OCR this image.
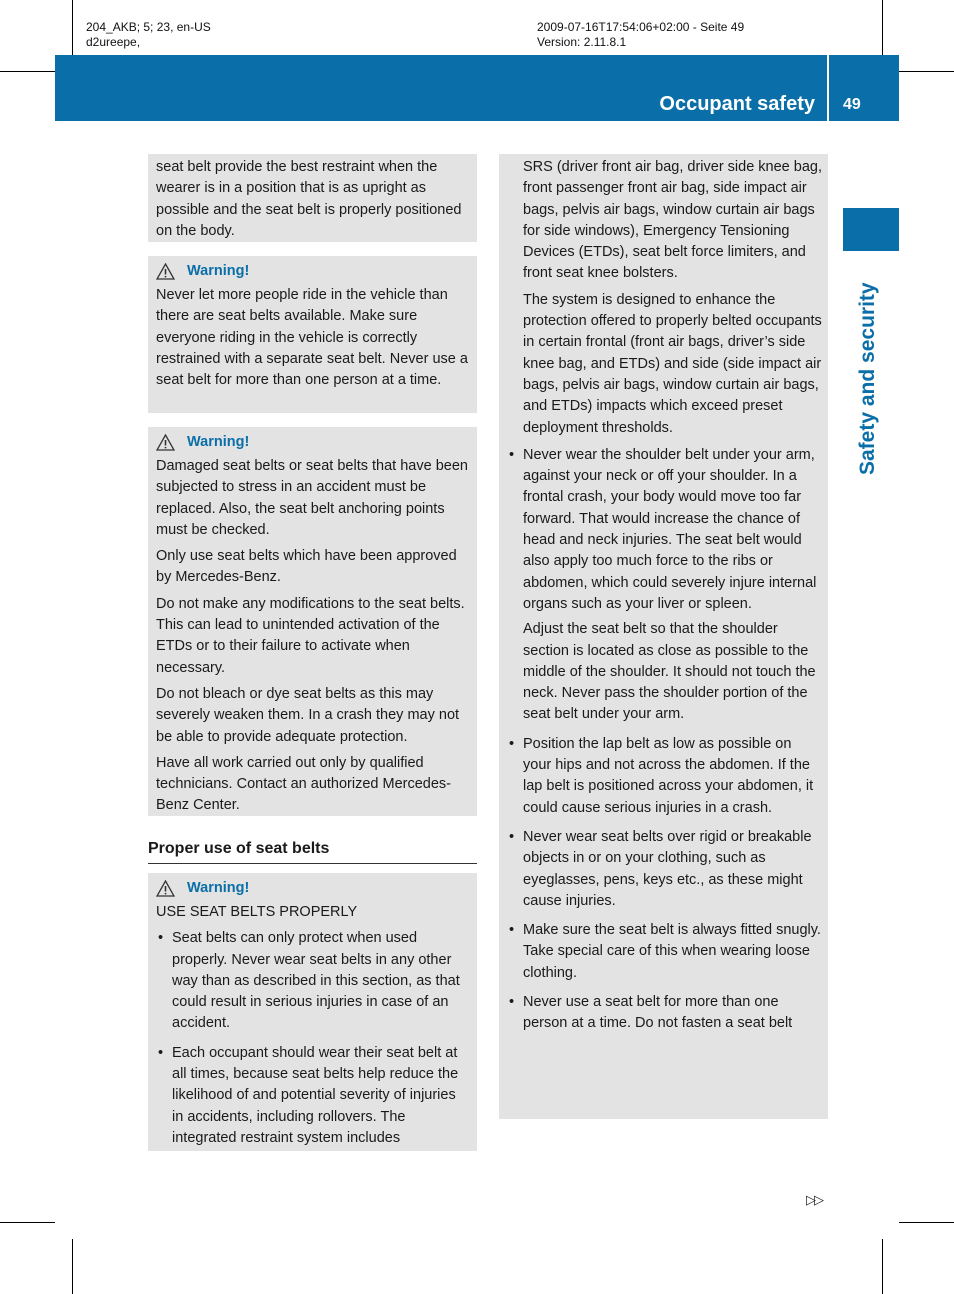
204_AKB; 5; 23, en-US
d2ureepe,
2009-07-16T17:54:06+02:00 - Seite 49
Version: 2.11.8.1
Occupant safety 49
Safety and security

seat belt provide the best restraint when the wearer is in a position that is as upright as possible and the seat belt is properly positioned on the body.

Warning!

Never let more people ride in the vehicle than there are seat belts available. Make sure everyone riding in the vehicle is correctly restrained with a separate seat belt. Never use a seat belt for more than one person at a time.

Warning!

Damaged seat belts or seat belts that have been subjected to stress in an accident must be replaced. Also, the seat belt anchoring points must be checked.

Only use seat belts which have been approved by Mercedes-Benz.

Do not make any modifications to the seat belts. This can lead to unintended activation of the ETDs or to their failure to activate when necessary.

Do not bleach or dye seat belts as this may severely weaken them. In a crash they may not be able to provide adequate protection.

Have all work carried out only by qualified technicians. Contact an authorized Mercedes-Benz Center.

Proper use of seat belts
Warning!

USE SEAT BELTS PROPERLY

• Seat belts can only protect when used properly. Never wear seat belts in any other way than as described in this section, as that could result in serious injuries in case of an accident.
• Each occupant should wear their seat belt at all times, because seat belts help reduce the likelihood of and potential severity of injuries in accidents, including rollovers. The integrated restraint system includes

SRS (driver front air bag, driver side knee bag, front passenger front air bag, side impact air bags, pelvis air bags, window curtain air bags for side windows), Emergency Tensioning Devices (ETDs), seat belt force limiters, and front seat knee bolsters.

The system is designed to enhance the protection offered to properly belted occupants in certain frontal (front air bags, driver’s side knee bag, and ETDs) and side (side impact air bags, pelvis air bags, window curtain air bags, and ETDs) impacts which exceed preset deployment thresholds.

• Never wear the shoulder belt under your arm, against your neck or off your shoulder. In a frontal crash, your body would move too far forward. That would increase the chance of head and neck injuries. The seat belt would also apply too much force to the ribs or abdomen, which could severely injure internal organs such as your liver or spleen.

Adjust the seat belt so that the shoulder section is located as close as possible to the middle of the shoulder. It should not touch the neck. Never pass the shoulder portion of the seat belt under your arm.

• Position the lap belt as low as possible on your hips and not across the abdomen. If the lap belt is positioned across your abdomen, it could cause serious injuries in a crash.

• Never wear seat belts over rigid or breakable objects in or on your clothing, such as eyeglasses, pens, keys etc., as these might cause injuries.

• Make sure the seat belt is always fitted snugly. Take special care of this when wearing loose clothing.

• Never use a seat belt for more than one person at a time. Do not fasten a seat belt

▷▷
